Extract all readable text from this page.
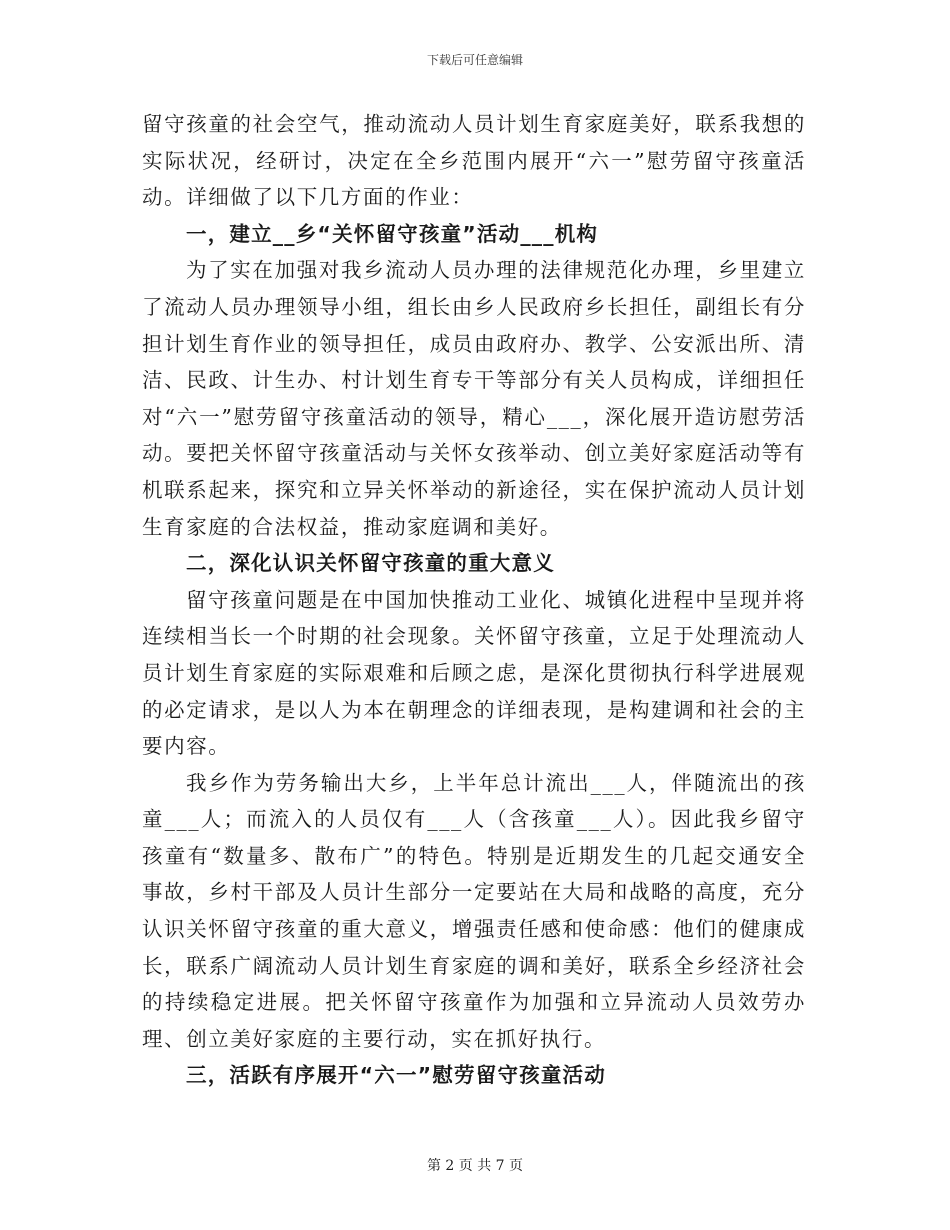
下载后可任意编辑

留守孩童的社会空气，推动流动人员计划生育家庭美好，联系我想的实际状况，经研讨，决定在全乡范围内展开“六一”慰劳留守孩童活动。详细做了以下几方面的作业：

一，建立__乡“关怀留守孩童”活动___机构

为了实在加强对我乡流动人员办理的法律规范化办理，乡里建立了流动人员办理领导小组，组长由乡人民政府乡长担任，副组长有分担计划生育作业的领导担任，成员由政府办、教学、公安派出所、清洁、民政、计生办、村计划生育专干等部分有关人员构成，详细担任对“六一”慰劳留守孩童活动的领导，精心___，深化展开造访慰劳活动。要把关怀留守孩童活动与关怀女孩举动、创立美好家庭活动等有机联系起来，探究和立异关怀举动的新途径，实在保护流动人员计划生育家庭的合法权益，推动家庭调和美好。

二，深化认识关怀留守孩童的重大意义

留守孩童问题是在中国加快推动工业化、城镇化进程中呈现并将连续相当长一个时期的社会现象。关怀留守孩童，立足于处理流动人员计划生育家庭的实际艰难和后顾之虑，是深化贯彻执行科学进展观的必定请求，是以人为本在朝理念的详细表现，是构建调和社会的主要内容。

我乡作为劳务输出大乡，上半年总计流出___人，伴随流出的孩童___人；而流入的人员仅有___人（含孩童___人）。因此我乡留守孩童有“数量多、散布广”的特色。特别是近期发生的几起交通安全事故，乡村干部及人员计生部分一定要站在大局和战略的高度，充分认识关怀留守孩童的重大意义，增强责任感和使命感：他们的健康成长，联系广阔流动人员计划生育家庭的调和美好，联系全乡经济社会的持续稳定进展。把关怀留守孩童作为加强和立异流动人员效劳办理、创立美好家庭的主要行动，实在抓好执行。

三，活跃有序展开“六一”慰劳留守孩童活动

第 2 页 共 7 页
